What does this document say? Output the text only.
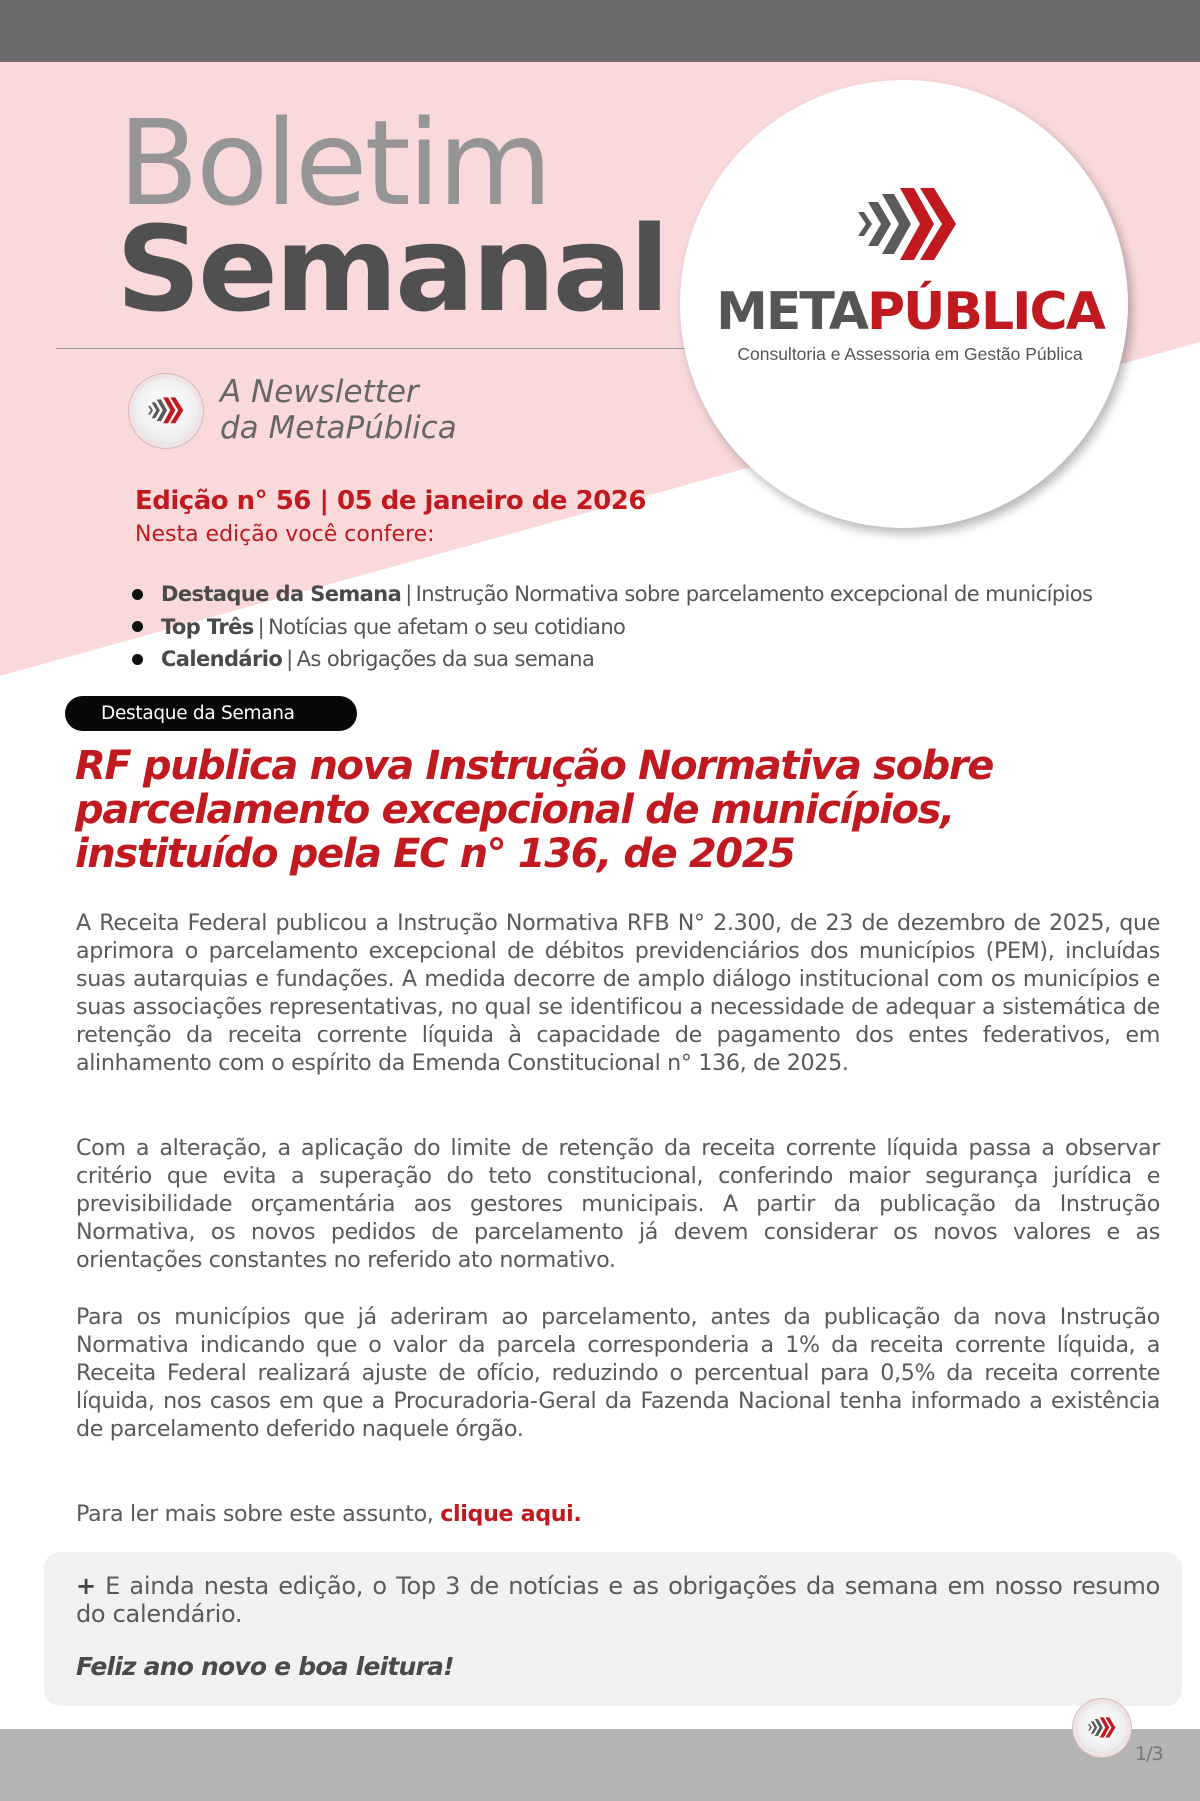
Boletim
Semanal METAPÚBLICA
Consultoria e Assessoria em Gestão Pública
A Newsletter
da MetaPública
Edição n° 56 | 05 de janeiro de 2026
Nesta edição você confere:
Destaque da Semana | Instrução Normativa sobre parcelamento excepcional de municípios
Top Três | Notícias que afetam o seu cotidiano
Calendário | As obrigações da sua semana
Destaque da Semana
RF publica nova Instrução Normativa sobre parcelamento excepcional de municípios, instituído pela EC n° 136, de 2025

A Receita Federal publicou a Instrução Normativa RFB N° 2.300, de 23 de dezembro de 2025, que aprimora o parcelamento excepcional de débitos previdenciários dos municípios (PEM), incluídas suas autarquias e fundações. A medida decorre de amplo diálogo institucional com os municípios e suas associações representativas, no qual se identificou a necessidade de adequar a sistemática de retenção da receita corrente líquida à capacidade de pagamento dos entes federativos, em alinhamento com o espírito da Emenda Constitucional n° 136, de 2025.

Com a alteração, a aplicação do limite de retenção da receita corrente líquida passa a observar critério que evita a superação do teto constitucional, conferindo maior segurança jurídica e previsibilidade orçamentária aos gestores municipais. A partir da publicação da Instrução Normativa, os novos pedidos de parcelamento já devem considerar os novos valores e as orientações constantes no referido ato normativo.

Para os municípios que já aderiram ao parcelamento, antes da publicação da nova Instrução Normativa indicando que o valor da parcela corresponderia a 1% da receita corrente líquida, a Receita Federal realizará ajuste de ofício, reduzindo o percentual para 0,5% da receita corrente líquida, nos casos em que a Procuradoria-Geral da Fazenda Nacional tenha informado a existência de parcelamento deferido naquele órgão.

Para ler mais sobre este assunto, clique aqui.

+ E ainda nesta edição, o Top 3 de notícias e as obrigações da semana em nosso resumo do calendário.

Feliz ano novo e boa leitura!

1/3
